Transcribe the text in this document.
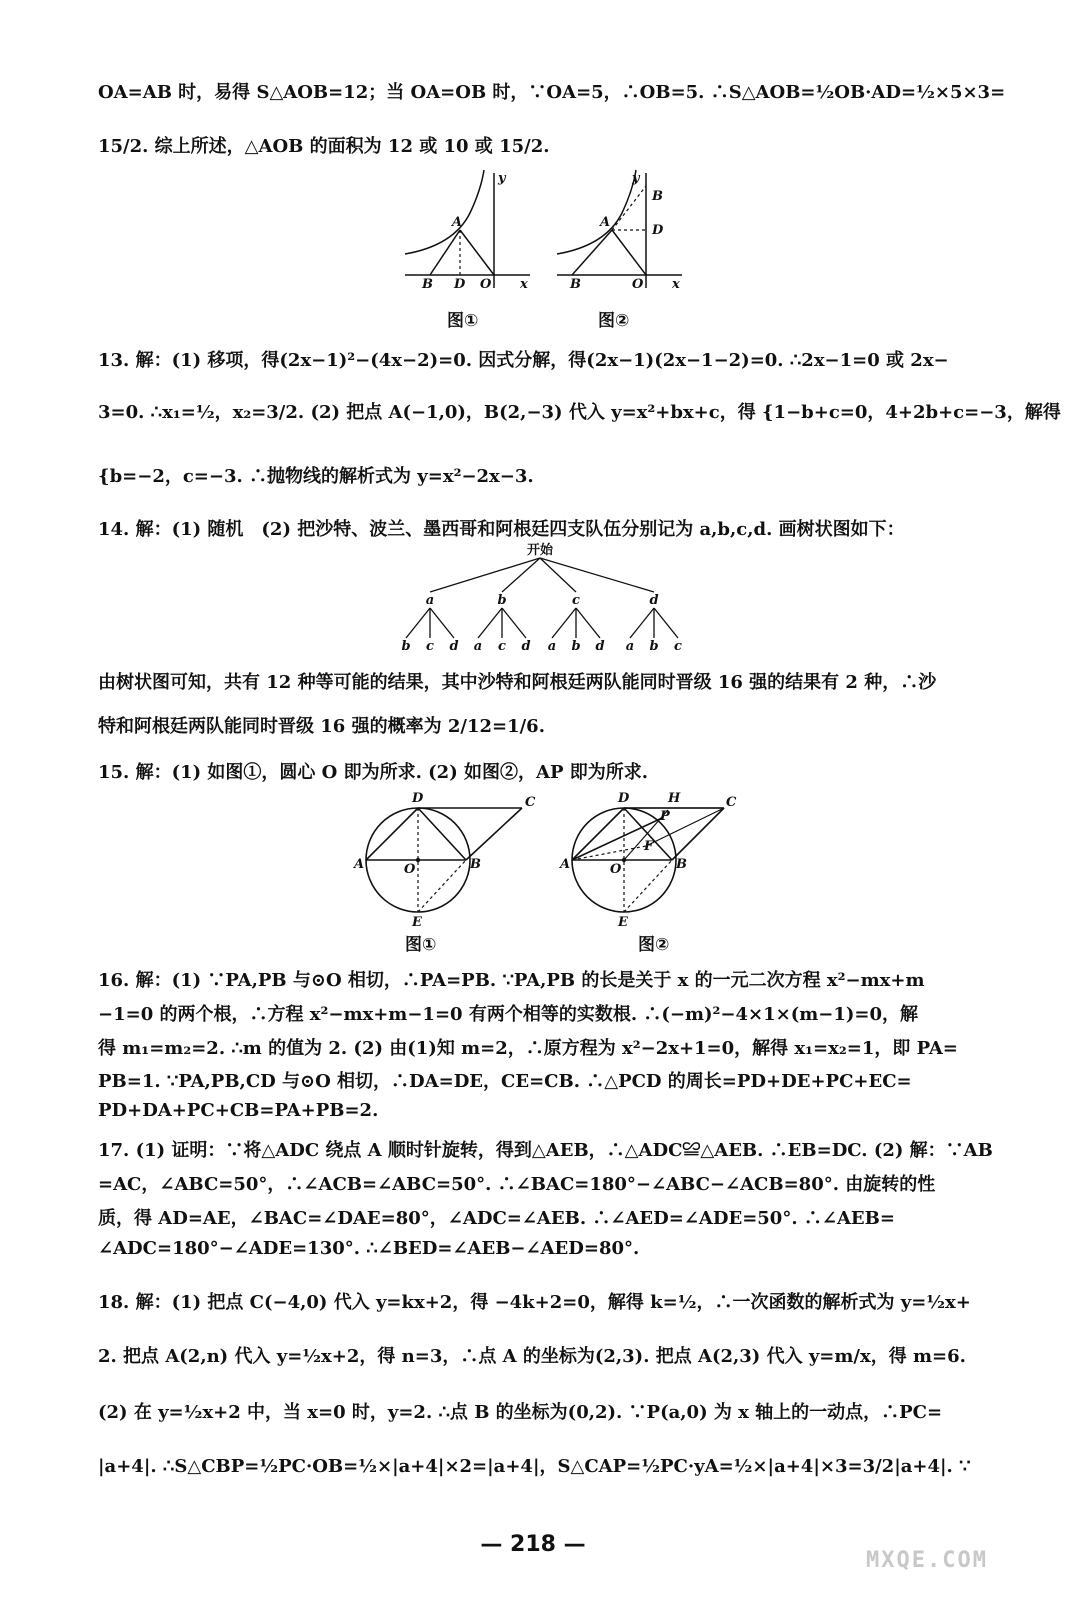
OA=AB 时，易得 S△AOB=12；当 OA=OB 时，∵OA=5，∴OB=5. ∴S△AOB=½OB·AD=½×5×3=
15/2. 综上所述，△AOB 的面积为 12 或 10 或 15/2.
A
B D O x
y
图①
A
B
B
D
O x
y
图②
13. 解：(1) 移项，得(2x−1)²−(4x−2)=0. 因式分解，得(2x−1)(2x−1−2)=0. ∴2x−1=0 或 2x−
3=0. ∴x₁=½，x₂=3/2. (2) 把点 A(−1,0)，B(2,−3) 代入 y=x²+bx+c，得 {1−b+c=0，4+2b+c=−3，解得
{b=−2，c=−3. ∴抛物线的解析式为 y=x²−2x−3.
14. 解：(1) 随机　(2) 把沙特、波兰、墨西哥和阿根廷四支队伍分别记为 a,b,c,d. 画树状图如下：
开始
a
b c d
b
a c d
c
a b d
d
a b c
由树状图可知，共有 12 种等可能的结果，其中沙特和阿根廷两队能同时晋级 16 强的结果有 2 种，∴沙
特和阿根廷两队能同时晋级 16 强的概率为 2/12=1/6.
15. 解：(1) 如图①，圆心 O 即为所求. (2) 如图②，AP 即为所求.
D	C
A	B
O
E
图①
D	H	C
P
F
A	B
O
E
图②
16. 解：(1) ∵PA,PB 与⊙O 相切，∴PA=PB. ∵PA,PB 的长是关于 x 的一元二次方程 x²−mx+m
−1=0 的两个根，∴方程 x²−mx+m−1=0 有两个相等的实数根. ∴(−m)²−4×1×(m−1)=0，解
得 m₁=m₂=2. ∴m 的值为 2. (2) 由(1)知 m=2，∴原方程为 x²−2x+1=0，解得 x₁=x₂=1，即 PA=
PB=1. ∵PA,PB,CD 与⊙O 相切，∴DA=DE，CE=CB. ∴△PCD 的周长=PD+DE+PC+EC=
PD+DA+PC+CB=PA+PB=2.
17. (1) 证明：∵将△ADC 绕点 A 顺时针旋转，得到△AEB，∴△ADC≌△AEB. ∴EB=DC. (2) 解：∵AB
=AC，∠ABC=50°，∴∠ACB=∠ABC=50°. ∴∠BAC=180°−∠ABC−∠ACB=80°. 由旋转的性
质，得 AD=AE，∠BAC=∠DAE=80°，∠ADC=∠AEB. ∴∠AED=∠ADE=50°. ∴∠AEB=
∠ADC=180°−∠ADE=130°. ∴∠BED=∠AEB−∠AED=80°.
18. 解：(1) 把点 C(−4,0) 代入 y=kx+2，得 −4k+2=0，解得 k=½，∴一次函数的解析式为 y=½x+
2. 把点 A(2,n) 代入 y=½x+2，得 n=3，∴点 A 的坐标为(2,3). 把点 A(2,3) 代入 y=m/x，得 m=6.
(2) 在 y=½x+2 中，当 x=0 时，y=2. ∴点 B 的坐标为(0,2). ∵P(a,0) 为 x 轴上的一动点，∴PC=
|a+4|. ∴S△CBP=½PC·OB=½×|a+4|×2=|a+4|，S△CAP=½PC·yA=½×|a+4|×3=3/2|a+4|. ∵
— 218 —
MXQE.COM
